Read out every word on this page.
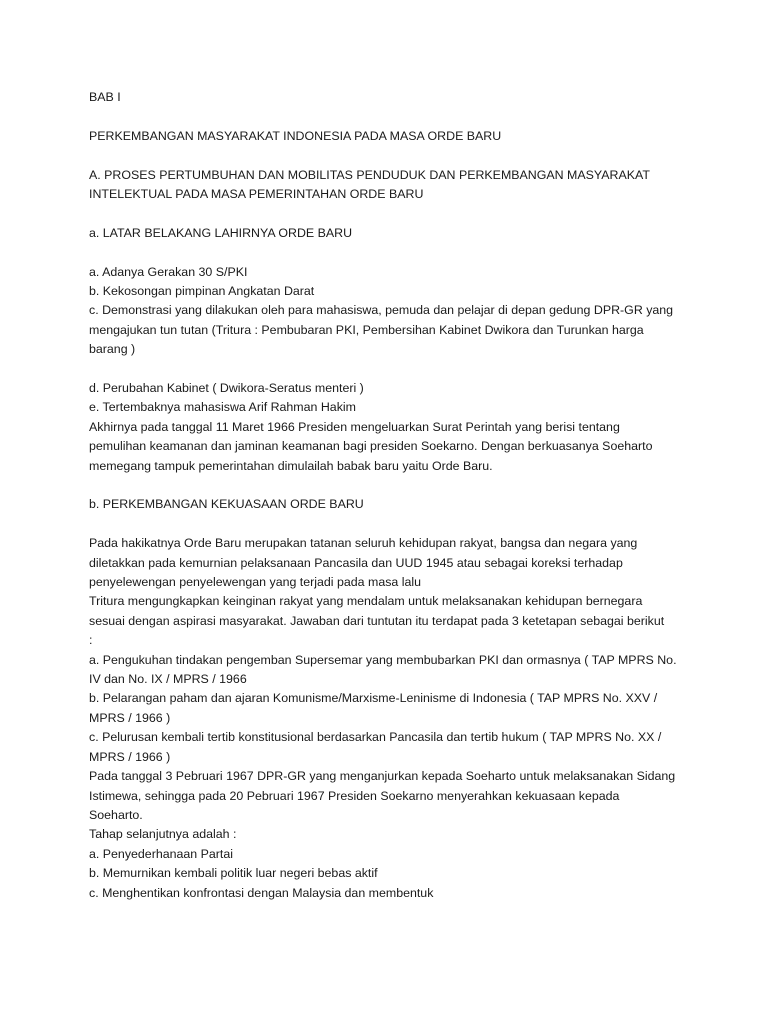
BAB I
PERKEMBANGAN MASYARAKAT INDONESIA PADA MASA ORDE BARU
A. PROSES PERTUMBUHAN DAN MOBILITAS PENDUDUK DAN PERKEMBANGAN MASYARAKAT
INTELEKTUAL PADA MASA PEMERINTAHAN ORDE BARU
a. LATAR BELAKANG LAHIRNYA ORDE BARU
a. Adanya Gerakan 30 S/PKI
b. Kekosongan pimpinan Angkatan Darat
c. Demonstrasi yang dilakukan oleh para mahasiswa, pemuda dan pelajar di depan gedung DPR-GR yang
mengajukan tun tutan (Tritura : Pembubaran PKI, Pembersihan Kabinet Dwikora dan Turunkan harga
barang )
d. Perubahan Kabinet ( Dwikora-Seratus menteri )
e. Tertembaknya mahasiswa Arif Rahman Hakim
Akhirnya pada tanggal 11 Maret 1966 Presiden mengeluarkan Surat Perintah yang berisi tentang
pemulihan keamanan dan jaminan keamanan bagi presiden Soekarno. Dengan berkuasanya Soeharto
memegang tampuk pemerintahan dimulailah babak baru yaitu Orde Baru.
b. PERKEMBANGAN KEKUASAAN ORDE BARU
Pada hakikatnya Orde Baru merupakan tatanan seluruh kehidupan rakyat, bangsa dan negara yang
diletakkan pada kemurnian pelaksanaan Pancasila dan UUD 1945 atau sebagai koreksi terhadap
penyelewengan penyelewengan yang terjadi pada masa lalu
Tritura mengungkapkan keinginan rakyat yang mendalam untuk melaksanakan kehidupan bernegara
sesuai dengan aspirasi masyarakat. Jawaban dari tuntutan itu terdapat pada 3 ketetapan sebagai berikut
:
a. Pengukuhan tindakan pengemban Supersemar yang membubarkan PKI dan ormasnya ( TAP MPRS No.
IV dan No. IX / MPRS / 1966
b. Pelarangan paham dan ajaran Komunisme/Marxisme-Leninisme di Indonesia ( TAP MPRS No. XXV /
MPRS / 1966 )
c. Pelurusan kembali tertib konstitusional berdasarkan Pancasila dan tertib hukum ( TAP MPRS No. XX /
MPRS / 1966 )
Pada tanggal 3 Pebruari 1967 DPR-GR yang menganjurkan kepada Soeharto untuk melaksanakan Sidang
Istimewa, sehingga pada 20 Pebruari 1967 Presiden Soekarno menyerahkan kekuasaan kepada
Soeharto.
Tahap selanjutnya adalah :
a. Penyederhanaan Partai
b. Memurnikan kembali politik luar negeri bebas aktif
c. Menghentikan konfrontasi dengan Malaysia dan membentuk
